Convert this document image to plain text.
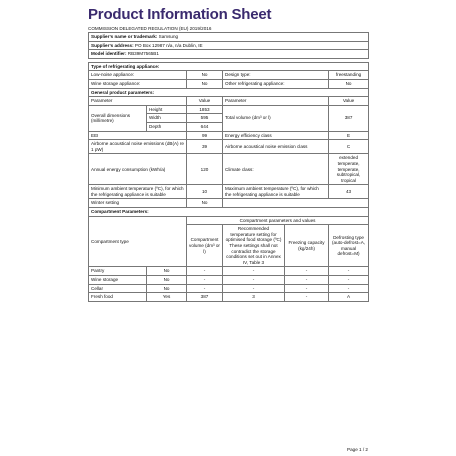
Product Information Sheet
COMMISSION DELEGATED REGULATION (EU) 2019/2016
Supplier’s name or trademark: Samsung					
Supplier’s address: PO Box 12987 n/a, n/a Dublin, IE					
Model identifier: RB39M7565B1					

Type of refrigerating appliance:					
Low-noise appliance:		No	Design type:		freestanding
Wine storage appliance:		No	Other refrigerating appliance:		No
General product parameters:					
Parameter		Value	Parameter		Value
Overall dimensions (millimetre)	Height	1853	Total volume (dm³ or l)		387
	Width	595			
	Depth	644			
EEI		99	Energy efficiency class		E
Airborne acoustical noise emissions (dB(A) re 1 pW)		39	Airborne acoustical noise emission class		C
Annual energy consumption (kWh/a)		120	Climate class:		extended temperate, temperate, subtropical, tropical
Minimum ambient temperature (ºC), for which the refrigerating appliance is suitable		10	Maximum ambient temperature (ºC), for which the refrigerating appliance is suitable		43
Winter setting		No			
Compartment Parameters:					
Compartment type		Compartment parameters and values			
		Compartment volume (dm³ or l)	Recommended temperature setting for optimised food storage (ºC) These settings shall not contradict the storage conditions set out in Annex IV, Table 3	Freezing capacity (kg/24h)	Defrosting type (auto-defrost=A, manual defrost=M)
Pantry	No	-	-	-	-
Wine storage	No	-	-	-	-
Cellar	No	-	-	-	-
Fresh food	Yes	387	3	-	A
Page 1 / 2
